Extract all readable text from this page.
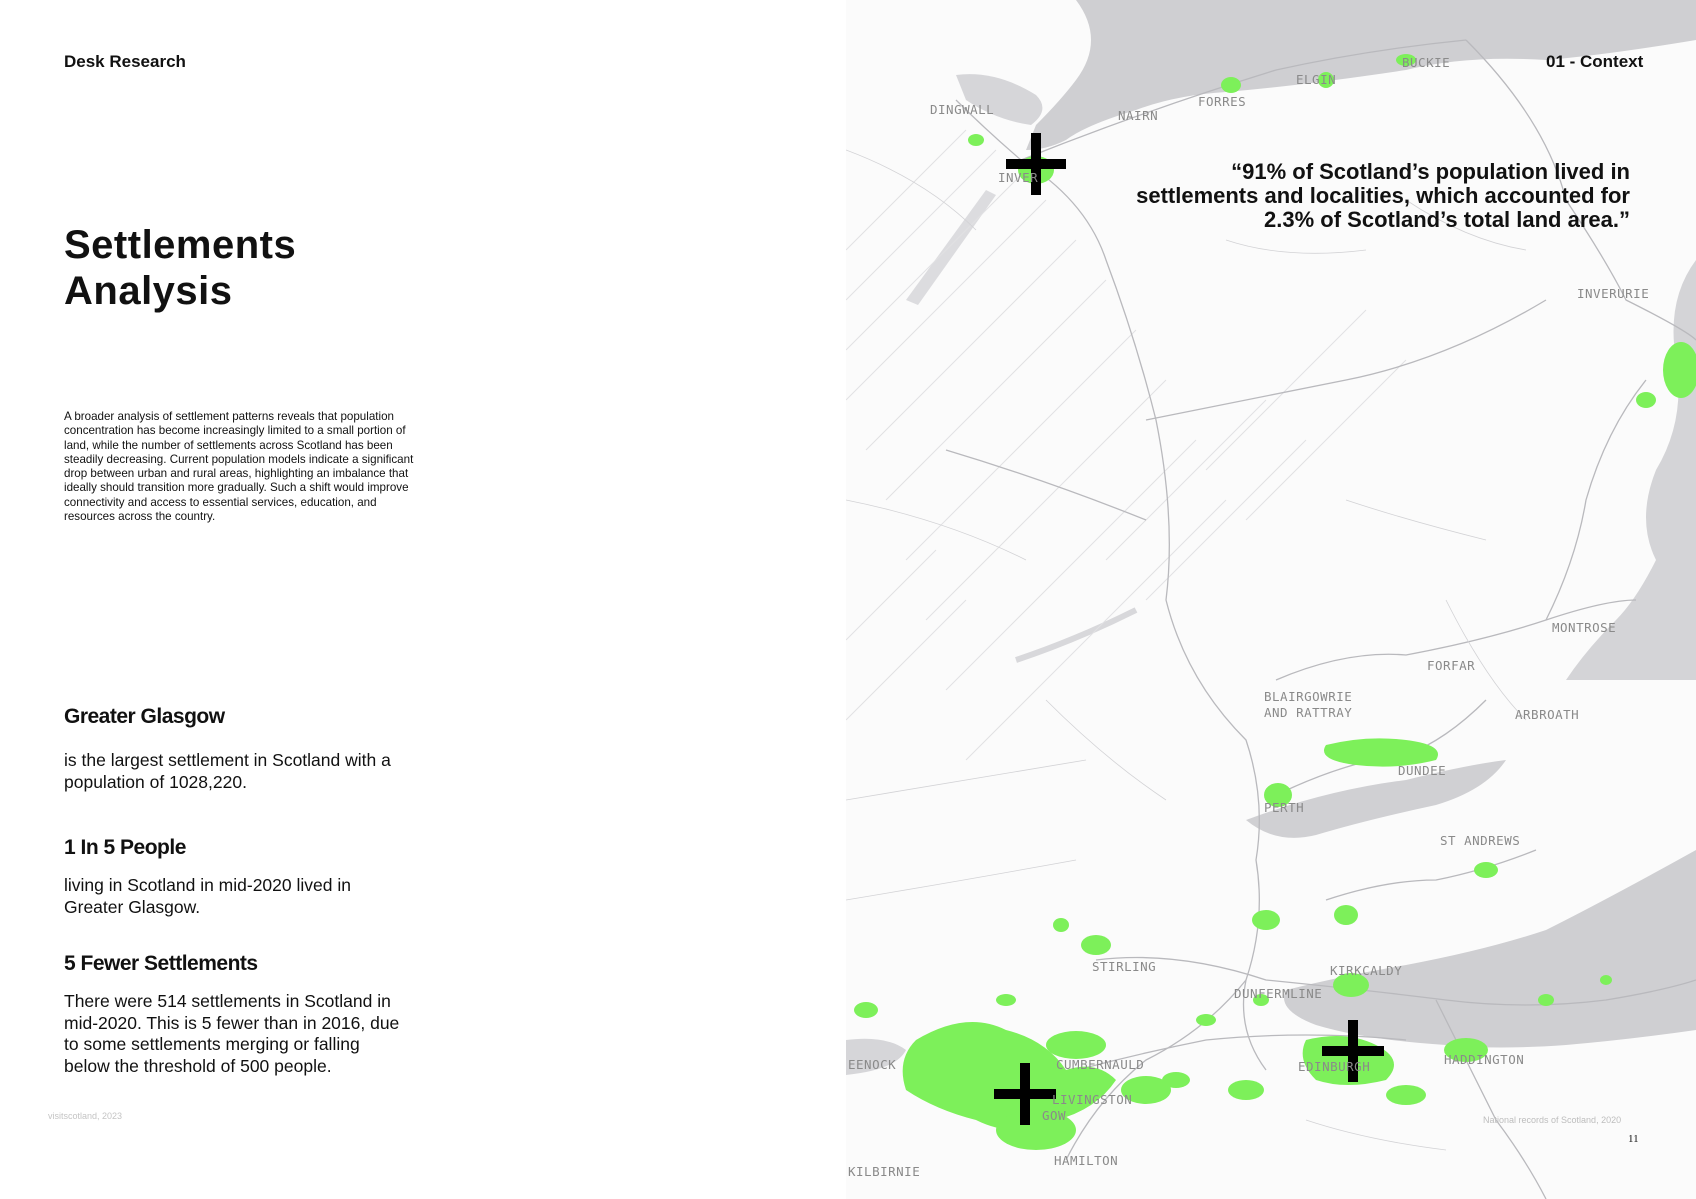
Desk Research
Settlements Analysis
A broader analysis of settlement patterns reveals that population concentration has become increasingly limited to a small portion of land, while the number of settlements across Scotland has been steadily decreasing. Current population models indicate a significant drop between urban and rural areas, highlighting an imbalance that ideally should transition more gradually. Such a shift would improve connectivity and access to essential services, education, and resources across the country.
Greater Glasgow

is the largest settlement in Scotland with a population of 1028,220.

1 In 5 People

living in Scotland in mid-2020 lived in Greater Glasgow.

5 Fewer Settlements

There were 514 settlements in Scotland in mid-2020. This is 5 fewer than in 2016, due to some settlements merging or falling below the threshold of 500 people.

visitscotland, 2023
DINGWALL	NAIRN
FORRES
ELGIN
BUCKIE
INVER
INVERURIE
MONTROSE
FORFAR
ARBROATH
BLAIRGOWRIE
AND RATTRAY
DUNDEE
PERTH
ST ANDREWS
STIRLING	KIRKCALDY
DUNFERMLINE
EENOCK	CUMBERNAULD	EDINBURGH	HADDINGTON
LIVINGSTON
HAMILTON
KILBIRNIE
GOW
01 - Context
“91% of Scotland’s population lived in settlements and localities, which accounted for 2.3% of Scotland’s total land area.”
National records of Scotland, 2020
11
